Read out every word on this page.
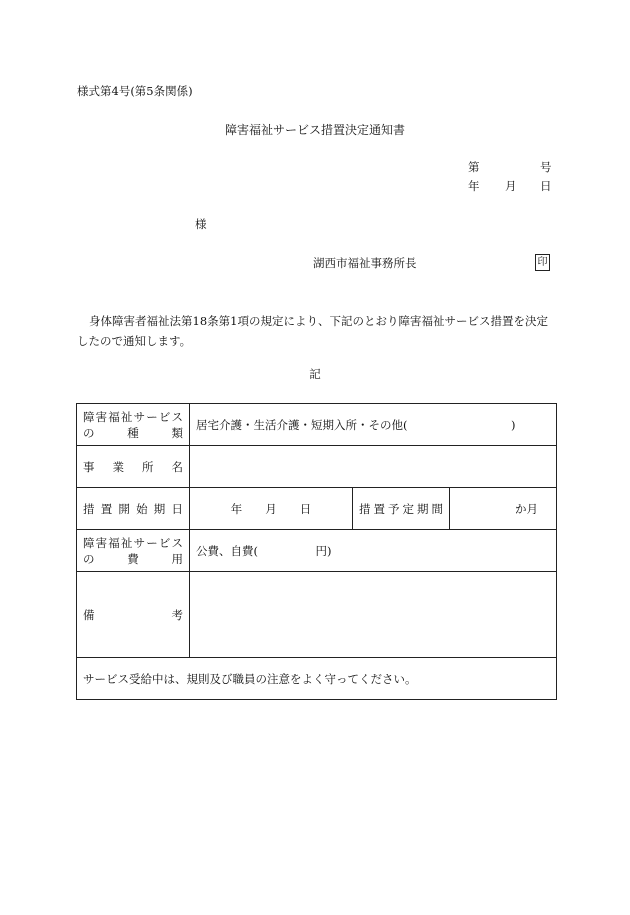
様式第4号(第5条関係)
障害福祉サービス措置決定通知書
第	号
年 月 日
様
湖西市福祉事務所長	印
身体障害者福祉法第18条第1項の規定により、下記のとおり障害福祉サービス措置を決定したので通知します。
記
障害福祉サービス
の　種　類	居宅介護・生活介護・短期入所・その他(　　　　　　　　　)		
事　業　所　名			
措置開始期日	年　　月　　日	措置予定期間	か月

障害福祉サービス
の　費　用	公費、自費(　　　　　円)		
備　考			
サービス受給中は、規則及び職員の注意をよく守ってください。			
